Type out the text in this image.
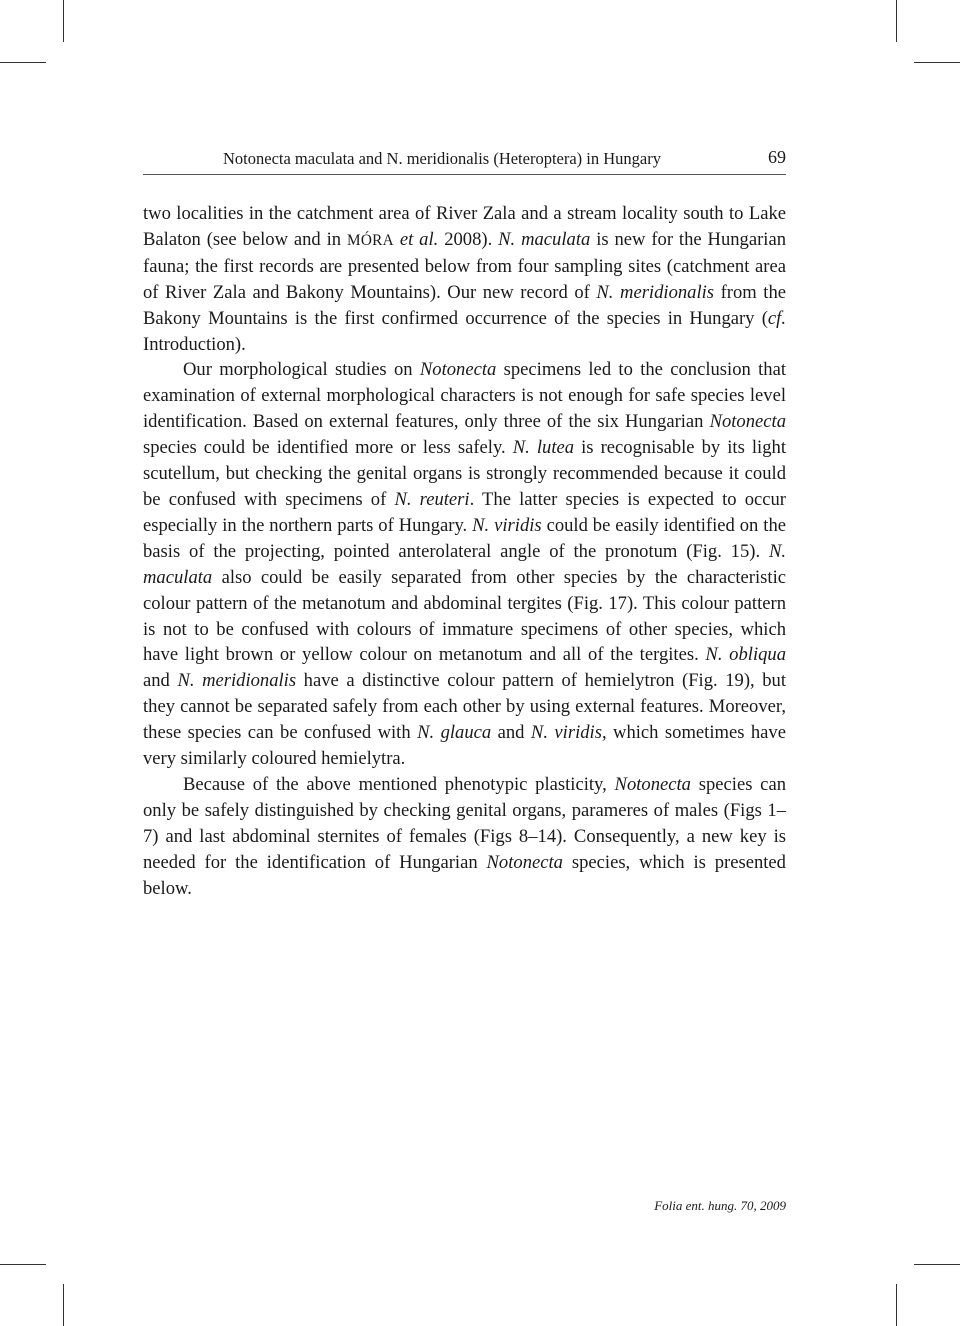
Notonecta maculata and N. meridionalis (Heteroptera) in Hungary	69

two localities in the catchment area of River Zala and a stream locality south to Lake Balaton (see below and in MÓRA et al. 2008). N. maculata is new for the Hungarian fauna; the first records are presented below from four sampling sites (catchment area of River Zala and Bakony Mountains). Our new record of N. meridionalis from the Bakony Mountains is the first confirmed occurrence of the species in Hungary (cf. Introduction).

Our morphological studies on Notonecta specimens led to the conclusion that examination of external morphological characters is not enough for safe species level identification. Based on external features, only three of the six Hungarian Notonecta species could be identified more or less safely. N. lutea is recognisable by its light scutellum, but checking the genital organs is strongly recommended because it could be confused with specimens of N. reuteri. The latter species is expected to occur especially in the northern parts of Hungary. N. viridis could be easily identified on the basis of the projecting, pointed anterolateral angle of the pronotum (Fig. 15). N. maculata also could be easily separated from other species by the characteristic colour pattern of the metanotum and abdominal tergites (Fig. 17). This colour pattern is not to be confused with colours of immature specimens of other species, which have light brown or yellow colour on metanotum and all of the tergites. N. obliqua and N. meridionalis have a distinctive colour pattern of hemielytron (Fig. 19), but they cannot be separated safely from each other by using external features. Moreover, these species can be confused with N. glauca and N. viridis, which sometimes have very similarly coloured hemielytra.

Because of the above mentioned phenotypic plasticity, Notonecta species can only be safely distinguished by checking genital organs, parameres of males (Figs 1–7) and last abdominal sternites of females (Figs 8–14). Consequently, a new key is needed for the identification of Hungarian Notonecta species, which is presented below.

Folia ent. hung. 70, 2009
